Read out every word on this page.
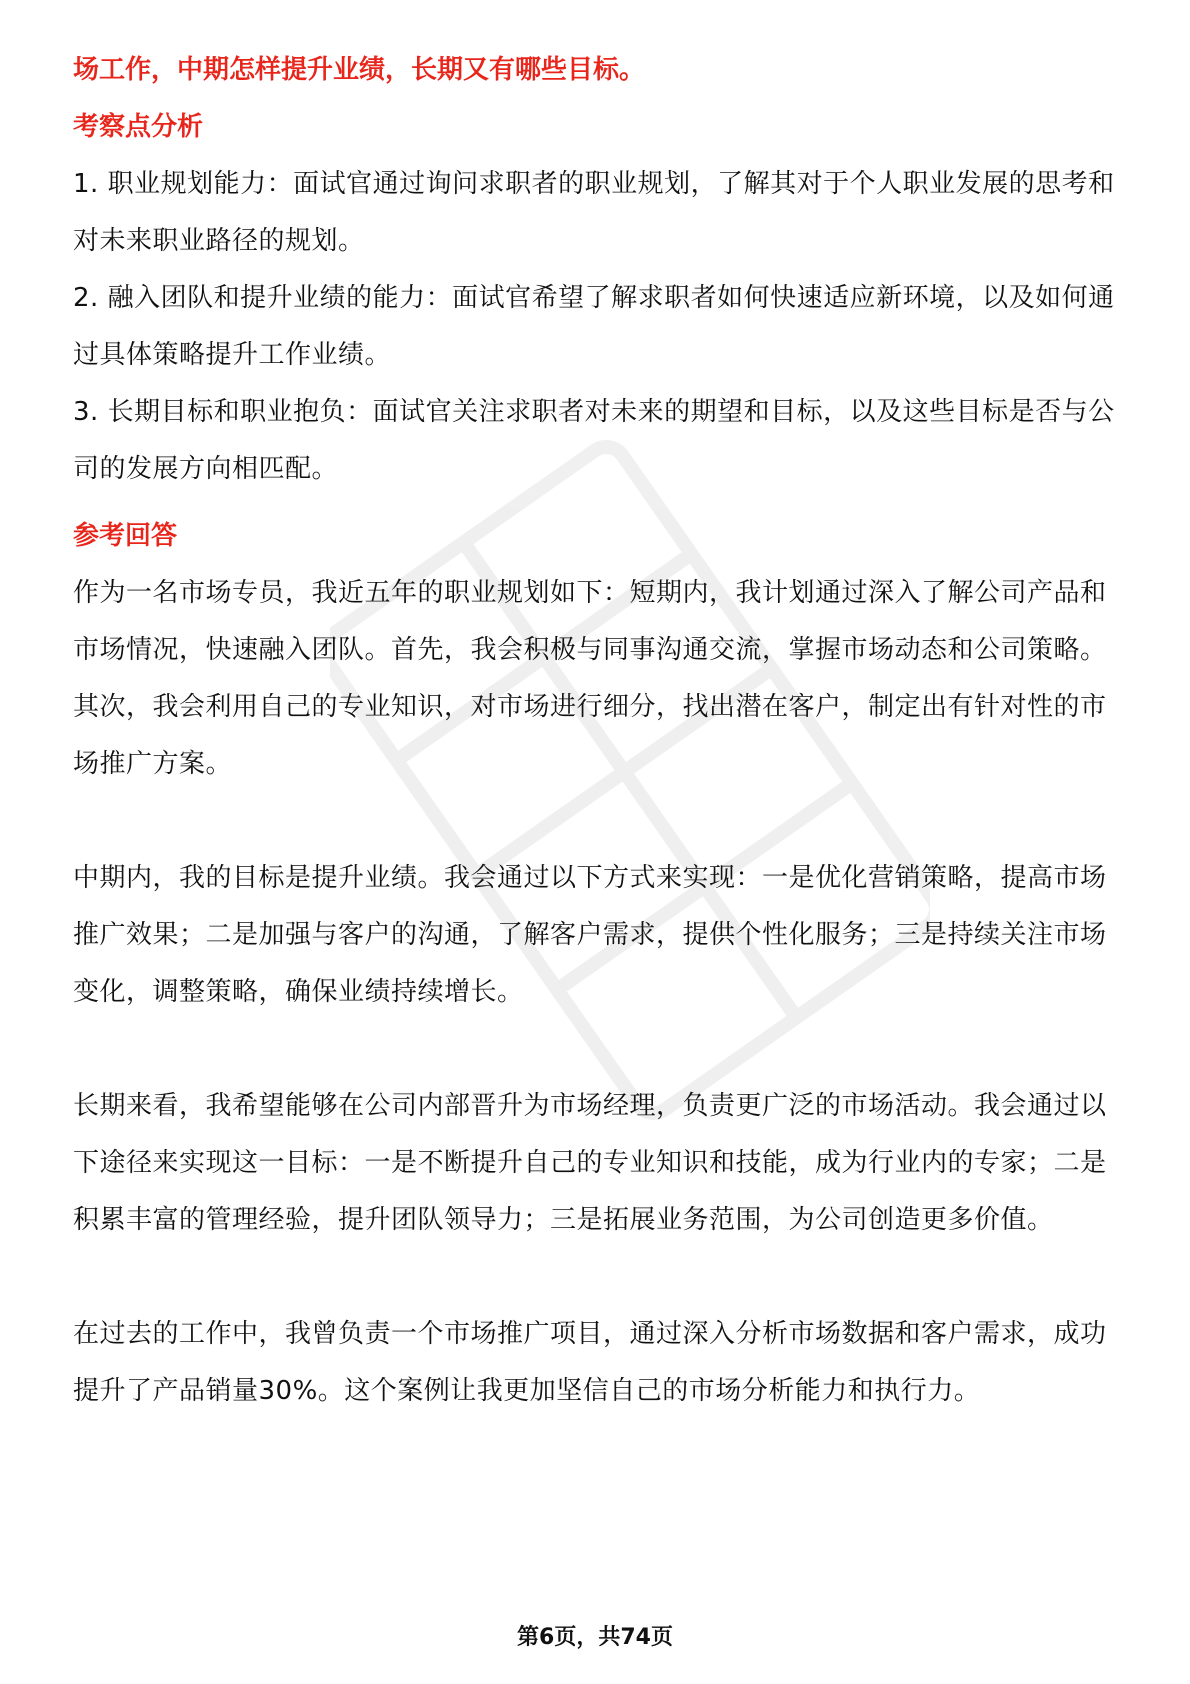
场工作，中期怎样提升业绩，长期又有哪些目标。

考察点分析

1. 职业规划能力：面试官通过询问求职者的职业规划，了解其对于个人职业发展的思考和对未来职业路径的规划。

2. 融入团队和提升业绩的能力：面试官希望了解求职者如何快速适应新环境，以及如何通过具体策略提升工作业绩。

3. 长期目标和职业抱负：面试官关注求职者对未来的期望和目标，以及这些目标是否与公司的发展方向相匹配。

参考回答

作为一名市场专员，我近五年的职业规划如下：短期内，我计划通过深入了解公司产品和市场情况，快速融入团队。首先，我会积极与同事沟通交流，掌握市场动态和公司策略。其次，我会利用自己的专业知识，对市场进行细分，找出潜在客户，制定出有针对性的市场推广方案。

中期内，我的目标是提升业绩。我会通过以下方式来实现：一是优化营销策略，提高市场推广效果；二是加强与客户的沟通，了解客户需求，提供个性化服务；三是持续关注市场变化，调整策略，确保业绩持续增长。

长期来看，我希望能够在公司内部晋升为市场经理，负责更广泛的市场活动。我会通过以下途径来实现这一目标：一是不断提升自己的专业知识和技能，成为行业内的专家；二是积累丰富的管理经验，提升团队领导力；三是拓展业务范围，为公司创造更多价值。

在过去的工作中，我曾负责一个市场推广项目，通过深入分析市场数据和客户需求，成功提升了产品销量30%。这个案例让我更加坚信自己的市场分析能力和执行力。

第6页，共74页
